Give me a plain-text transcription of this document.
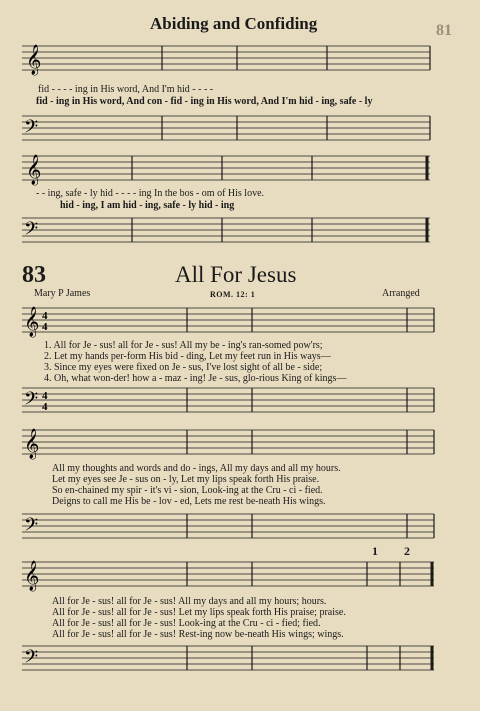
81
Abiding and Confiding
𝄞
fid - - - - ing in His word, And I'm hid - - - -
fid - ing in His word, And con - fid - ing in His word, And I'm hid - ing, safe - ly
𝄢
𝄞
- - ing, safe - ly hid - - - - ing In the bos - om of His love.
hid - ing, I am hid - ing, safe - ly hid - ing
𝄢
83	All For Jesus
Mary P James	ROM. 12: 1	Arranged
𝄞 4
4
1. All for Je - sus! all for Je - sus! All my be - ing's ran-somed pow'rs;
2. Let my hands per-form His bid - ding, Let my feet run in His ways—
3. Since my eyes were fixed on Je - sus, I've lost sight of all be - side;
4. Oh, what won-der! how a - maz - ing! Je - sus, glo-rious King of kings—
𝄢 4
4
𝄞
All my thoughts and words and do - ings, All my days and all my hours.
Let my eyes see Je - sus on - ly, Let my lips speak forth His praise.
So en-chained my spir - it's vi - sion, Look-ing at the Cru - ci - fied.
Deigns to call me His be - lov - ed, Lets me rest be-neath His wings.
𝄢
1 2
𝄞
All for Je - sus! all for Je - sus! All my days and all my hours; hours.
All for Je - sus! all for Je - sus! Let my lips speak forth His praise; praise.
All for Je - sus! all for Je - sus! Look-ing at the Cru - ci - fied; fied.
All for Je - sus! all for Je - sus! Rest-ing now be-neath His wings; wings.
𝄢
